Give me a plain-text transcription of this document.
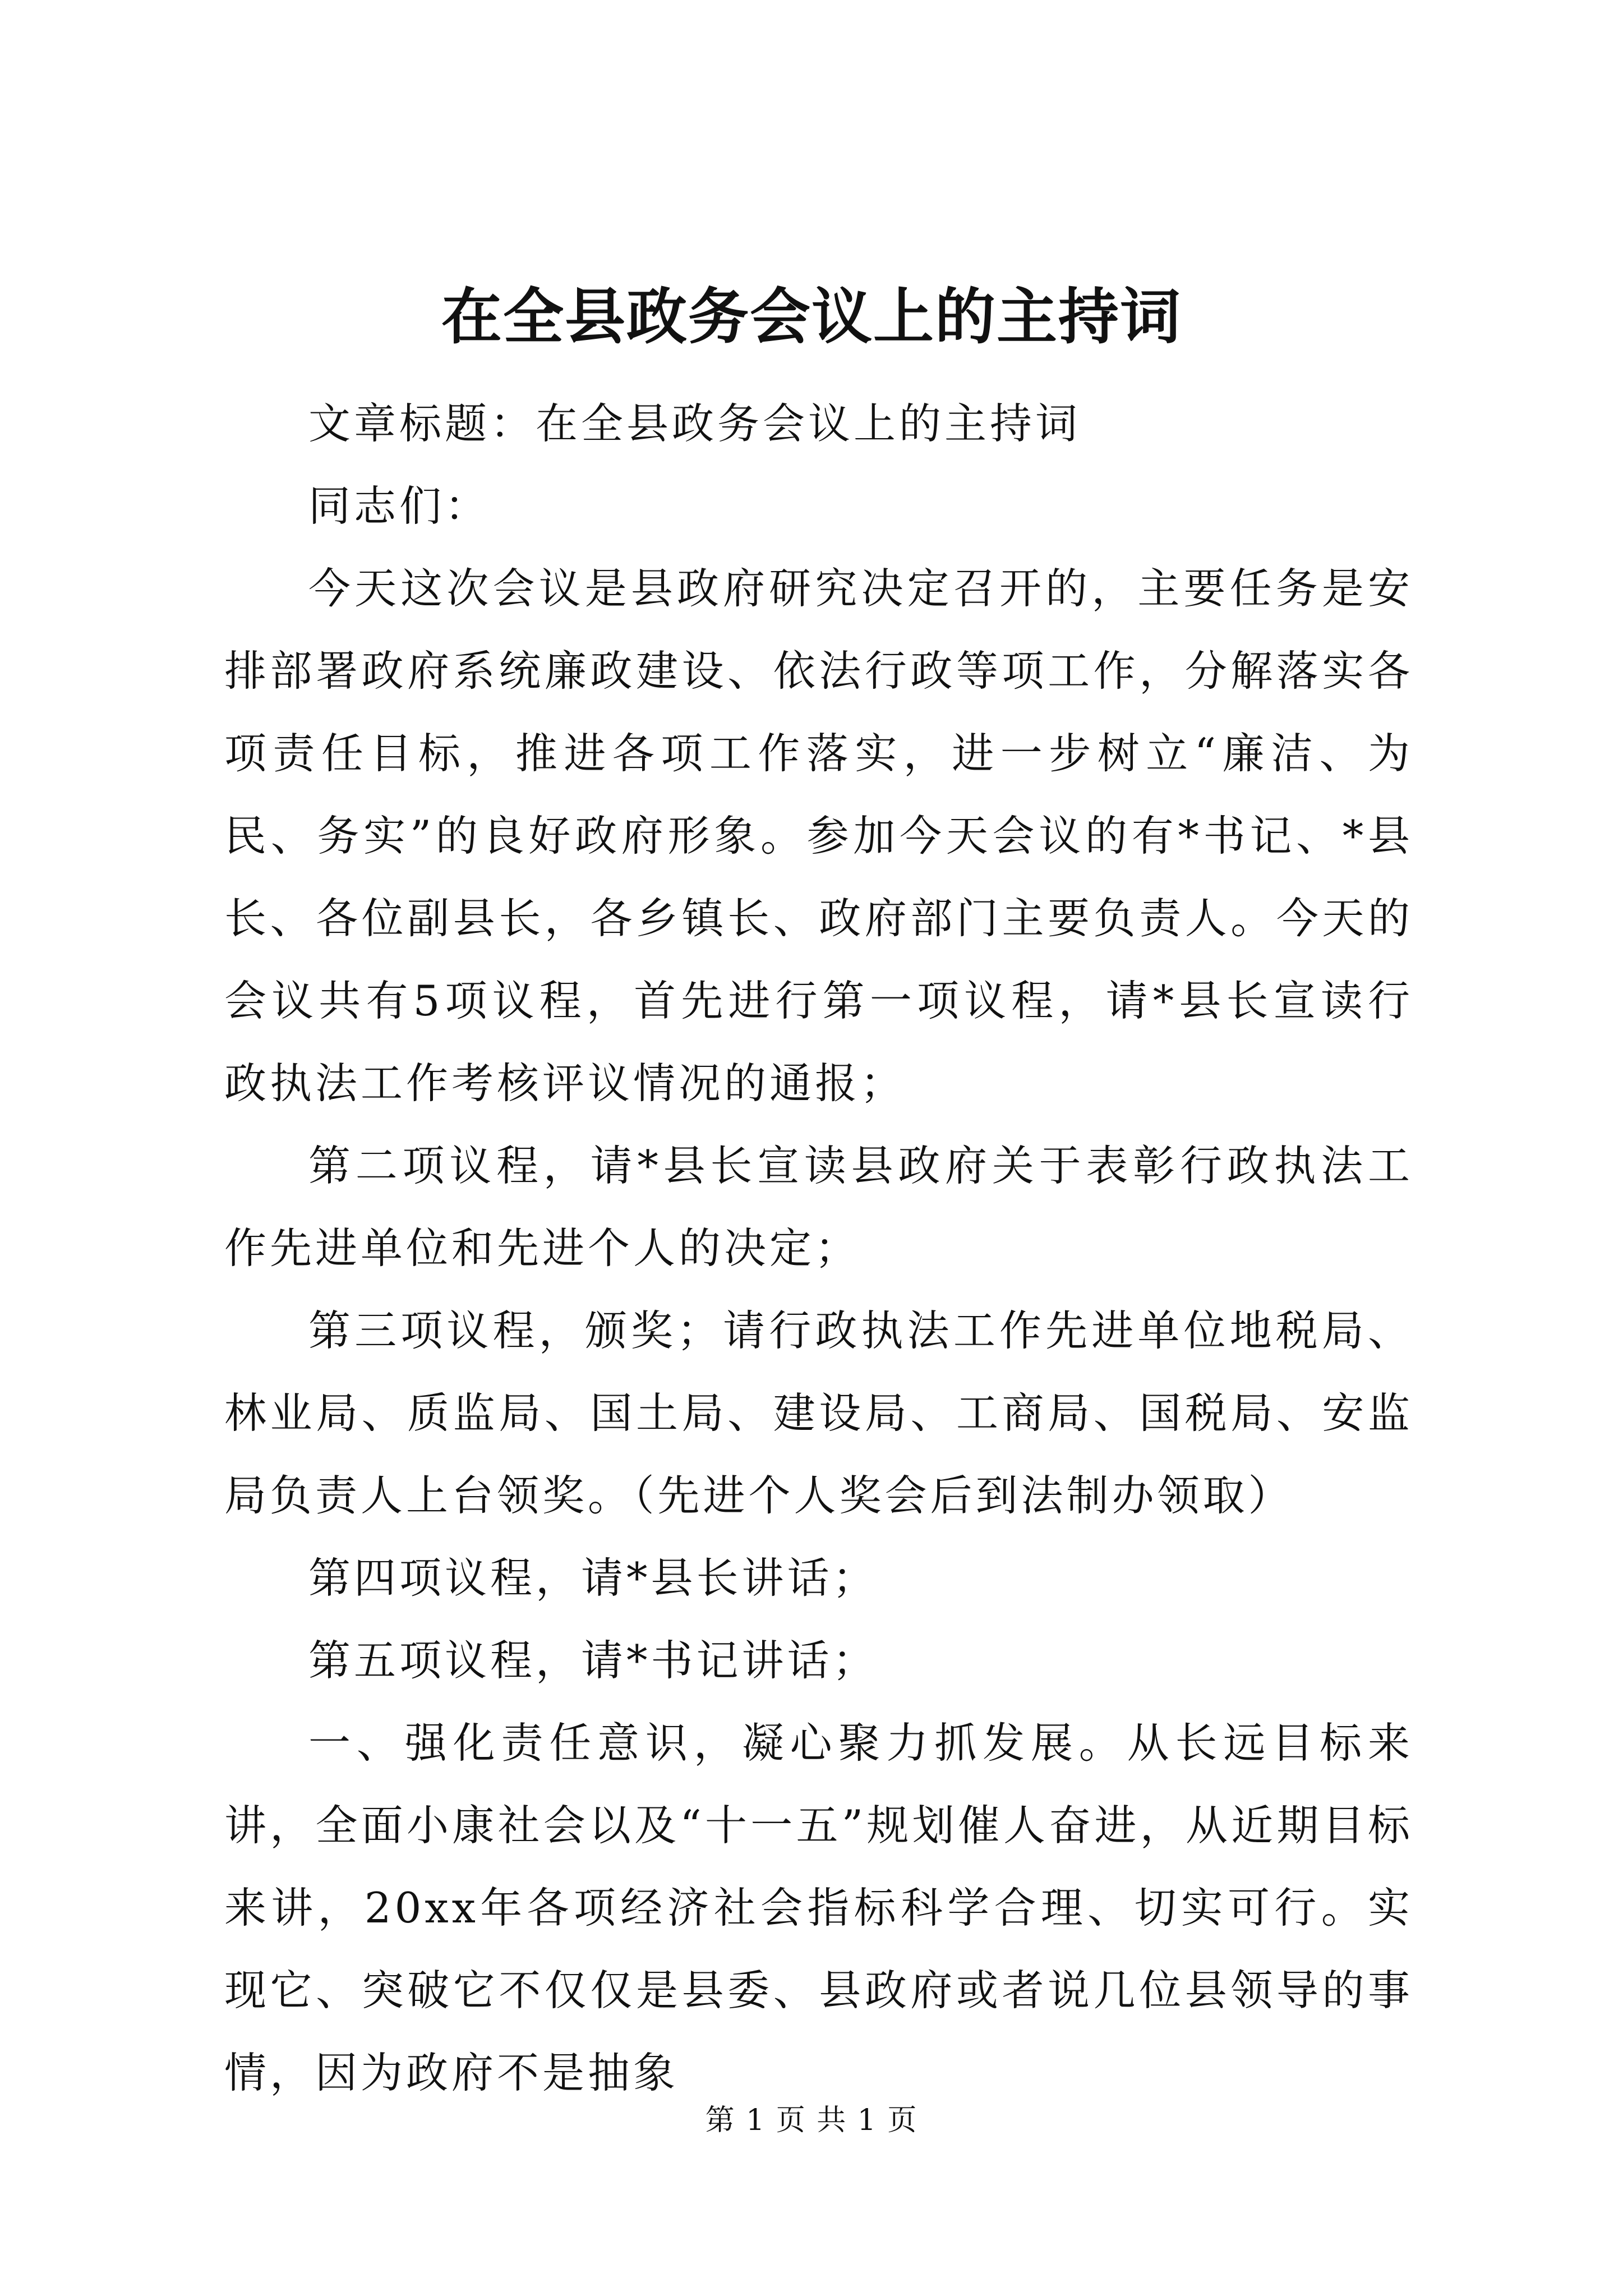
在全县政务会议上的主持词

文章标题：在全县政务会议上的主持词

同志们：

今天这次会议是县政府研究决定召开的，主要任务是安排部署政府系统廉政建设、依法行政等项工作，分解落实各项责任目标，推进各项工作落实，进一步树立“廉洁、为民、务实”的良好政府形象。参加今天会议的有*书记、*县长、各位副县长，各乡镇长、政府部门主要负责人。今天的会议共有5项议程，首先进行第一项议程，请*县长宣读行政执法工作考核评议情况的通报；

第二项议程，请*县长宣读县政府关于表彰行政执法工作先进单位和先进个人的决定；

第三项议程，颁奖；请行政执法工作先进单位地税局、林业局、质监局、国土局、建设局、工商局、国税局、安监局负责人上台领奖。（先进个人奖会后到法制办领取）

第四项议程，请*县长讲话；

第五项议程，请*书记讲话；

一、强化责任意识，凝心聚力抓发展。从长远目标来讲，全面小康社会以及“十一五”规划催人奋进，从近期目标来讲，20xx年各项经济社会指标科学合理、切实可行。实现它、突破它不仅仅是县委、县政府或者说几位县领导的事情，因为政府不是抽象

第 1 页 共 1 页
